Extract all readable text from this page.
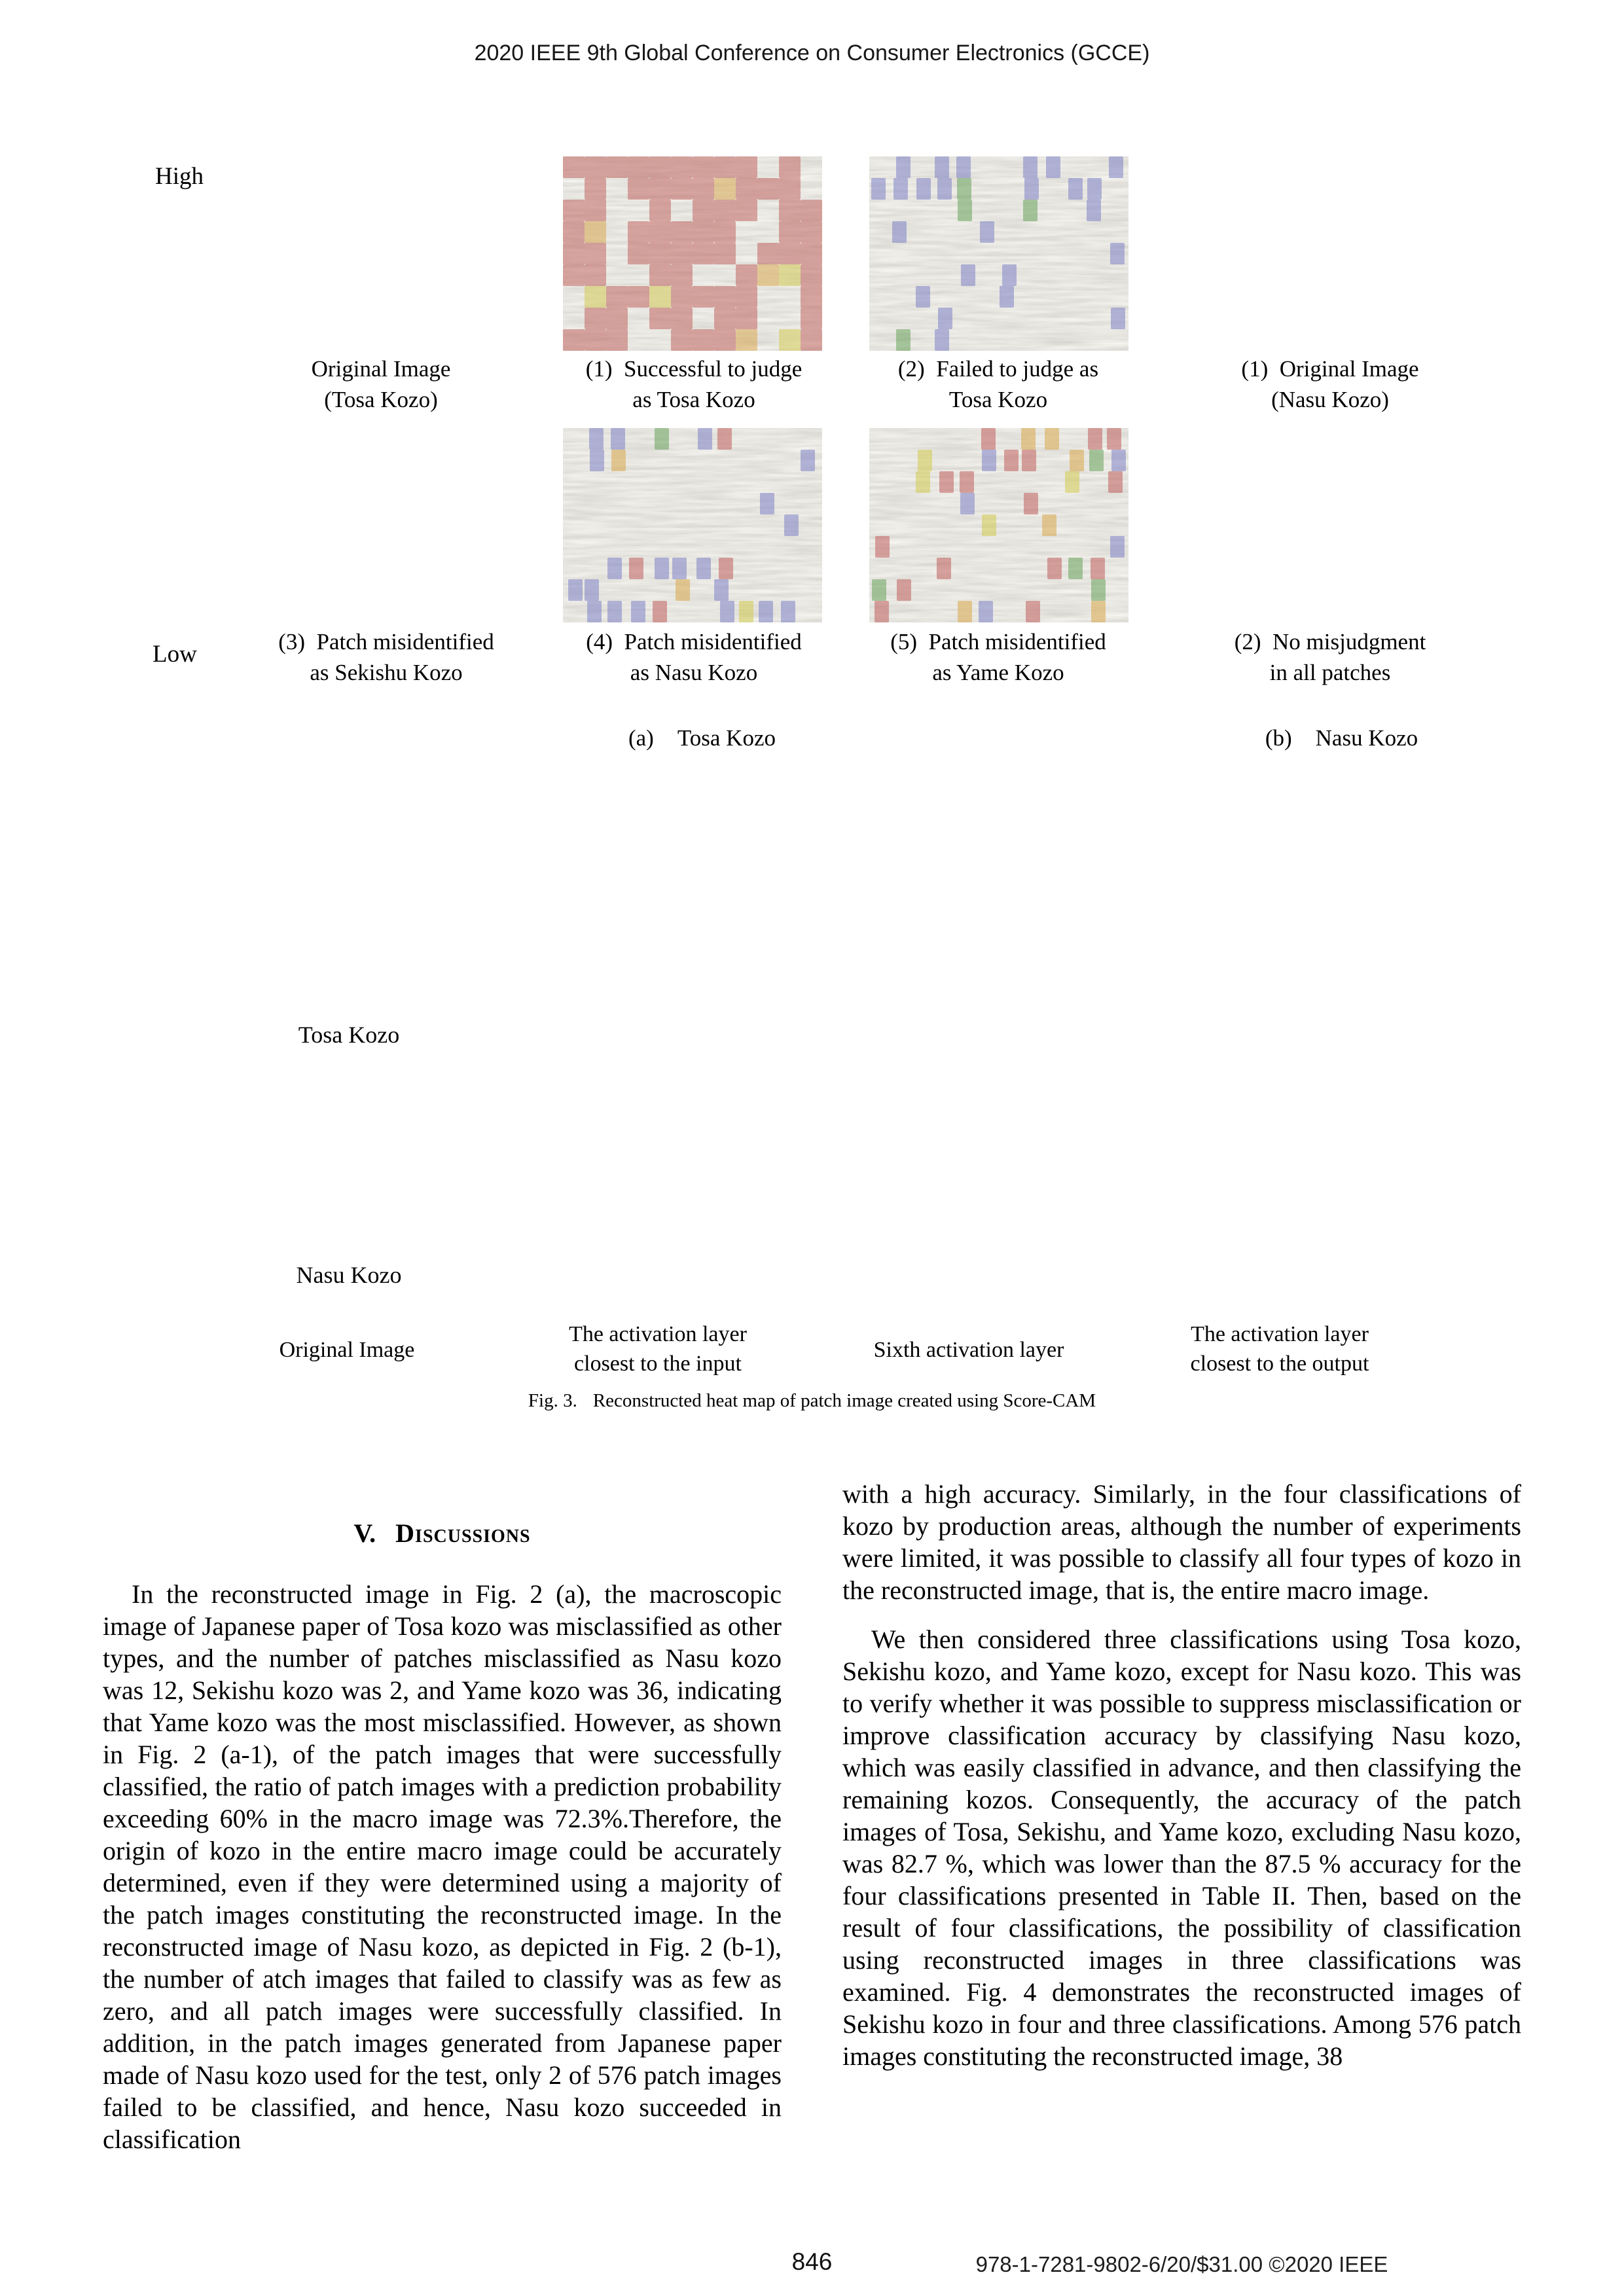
2020 IEEE 9th Global Conference on Consumer Electronics (GCCE)
High
Low
Original Image
(Tosa Kozo)
(1)  Successful to judge
as Tosa Kozo
(2)  Failed to judge as
Tosa Kozo
(1)  Original Image
(Nasu Kozo)
(3)  Patch misidentified
as Sekishu Kozo
(4)  Patch misidentified
as Nasu Kozo
(5)  Patch misidentified
as Yame Kozo
(2)  No misjudgment
in all patches

(a) Tosa Kozo
	(b) Nasu Kozo

Tosa Kozo
Nasu Kozo
Original Image
The activation layer
closest to the input
Sixth activation layer
The activation layer
closest to the output
Fig. 3. Reconstructed heat map of patch image created using Score-CAM
V. Discussions

In the reconstructed image in Fig. 2 (a), the macroscopic image of Japanese paper of Tosa kozo was misclassified as other types, and the number of patches misclassified as Nasu kozo was 12, Sekishu kozo was 2, and Yame kozo was 36, indicating that Yame kozo was the most misclassified. However, as shown in Fig. 2 (a-1), of the patch images that were successfully classified, the ratio of patch images with a prediction probability exceeding 60% in the macro image was 72.3%.Therefore, the origin of kozo in the entire macro image could be accurately determined, even if they were determined using a majority of the patch images constituting the reconstructed image. In the reconstructed image of Nasu kozo, as depicted in Fig. 2 (b-1), the number of atch images that failed to classify was as few as zero, and all patch images were successfully classified. In addition, in the patch images generated from Japanese paper made of Nasu kozo used for the test, only 2 of 576 patch images failed to be classified, and hence, Nasu kozo succeeded in classification

with a high accuracy. Similarly, in the four classifications of kozo by production areas, although the number of experiments were limited, it was possible to classify all four types of kozo in the reconstructed image, that is, the entire macro image.

We then considered three classifications using Tosa kozo, Sekishu kozo, and Yame kozo, except for Nasu kozo. This was to verify whether it was possible to suppress misclassification or improve classification accuracy by classifying Nasu kozo, which was easily classified in advance, and then classifying the remaining kozos. Consequently, the accuracy of the patch images of Tosa, Sekishu, and Yame kozo, excluding Nasu kozo, was 82.7 %, which was lower than the 87.5 % accuracy for the four classifications presented in Table II. Then, based on the result of four classifications, the possibility of classification using reconstructed images in three classifications was examined. Fig. 4 demonstrates the reconstructed images of Sekishu kozo in four and three classifications. Among 576 patch images constituting the reconstructed image, 38

846	978-1-7281-9802-6/20/$31.00 ©2020 IEEE
